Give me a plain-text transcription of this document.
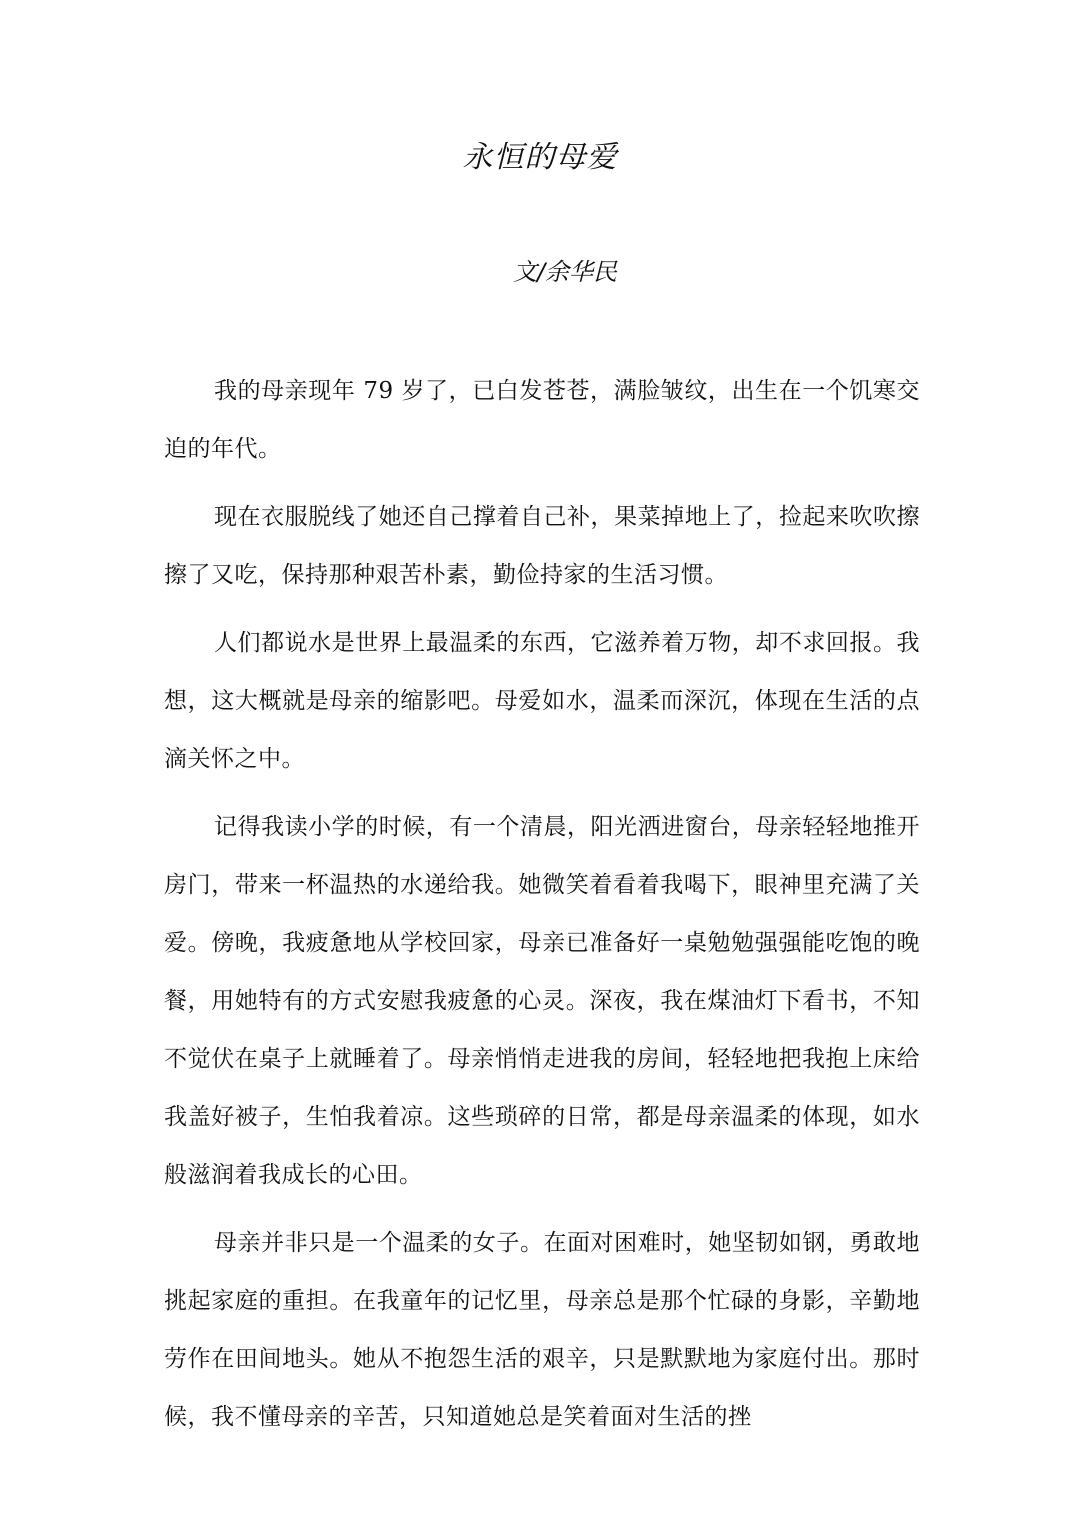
永恒的母爱
文/余华民

我的母亲现年 79 岁了，已白发苍苍，满脸皱纹，出生在一个饥寒交迫的年代。

现在衣服脱线了她还自己撑着自己补，果菜掉地上了，捡起来吹吹擦擦了又吃，保持那种艰苦朴素，勤俭持家的生活习惯。

人们都说水是世界上最温柔的东西，它滋养着万物，却不求回报。我想，这大概就是母亲的缩影吧。母爱如水，温柔而深沉，体现在生活的点滴关怀之中。

记得我读小学的时候，有一个清晨，阳光洒进窗台，母亲轻轻地推开房门，带来一杯温热的水递给我。她微笑着看着我喝下，眼神里充满了关爱。傍晚，我疲惫地从学校回家，母亲已准备好一桌勉勉强强能吃饱的晚餐，用她特有的方式安慰我疲惫的心灵。深夜，我在煤油灯下看书，不知不觉伏在桌子上就睡着了。母亲悄悄走进我的房间，轻轻地把我抱上床给我盖好被子，生怕我着凉。这些琐碎的日常，都是母亲温柔的体现，如水般滋润着我成长的心田。

母亲并非只是一个温柔的女子。在面对困难时，她坚韧如钢，勇敢地挑起家庭的重担。在我童年的记忆里，母亲总是那个忙碌的身影，辛勤地劳作在田间地头。她从不抱怨生活的艰辛，只是默默地为家庭付出。那时候，我不懂母亲的辛苦，只知道她总是笑着面对生活的挫
